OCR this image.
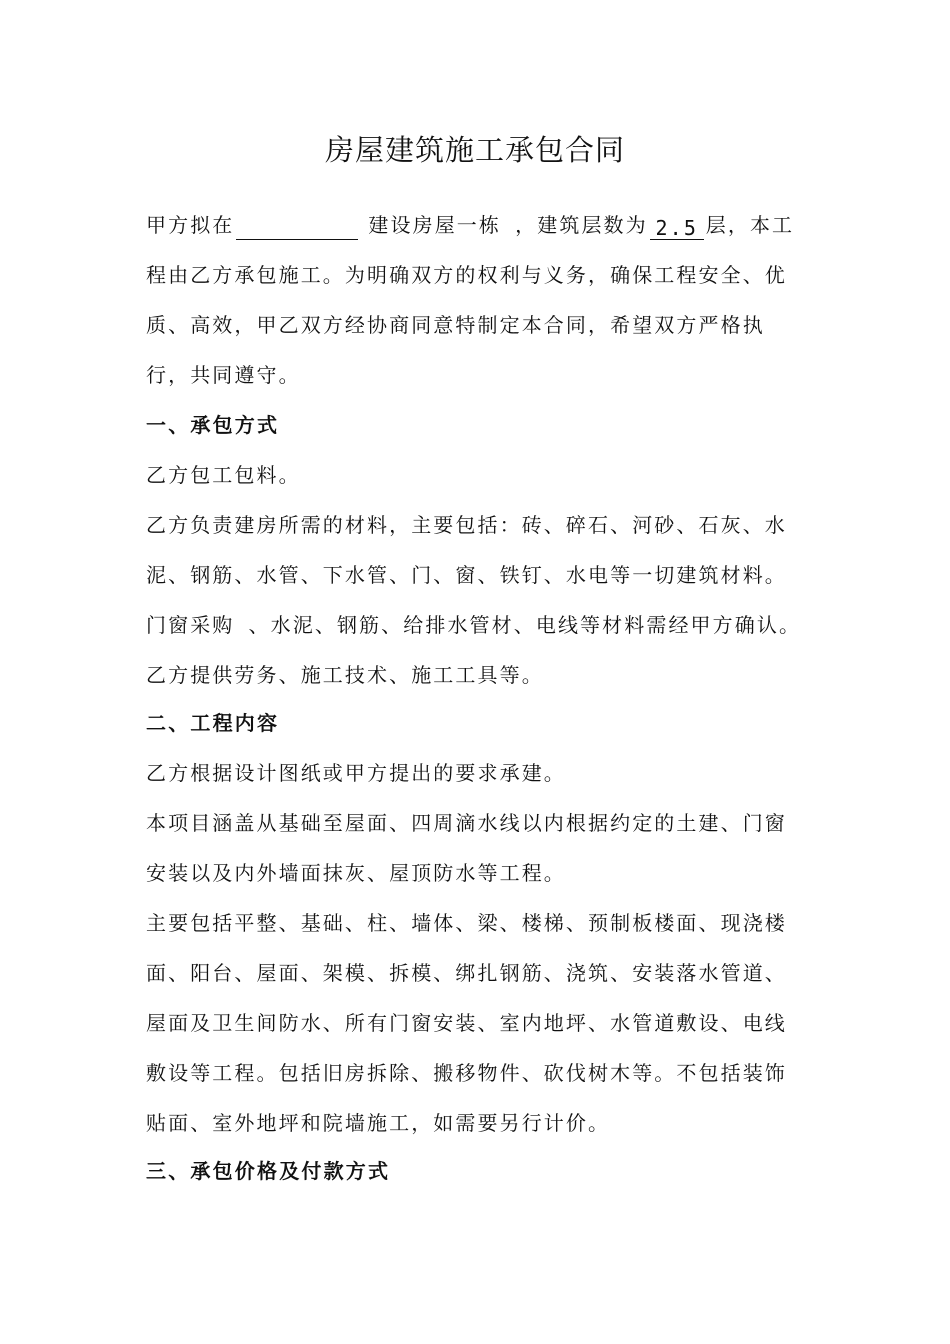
房屋建筑施工承包合同
甲方拟在	建设房屋一栋 ，建筑层数为 2.5 层，本工
程由乙方承包施工。为明确双方的权利与义务，确保工程安全、优
质、高效，甲乙双方经协商同意特制定本合同，希望双方严格执
行，共同遵守。
一、承包方式
乙方包工包料。
乙方负责建房所需的材料，主要包括：砖、碎石、河砂、石灰、水
泥、钢筋、水管、下水管、门、窗、铁钉、水电等一切建筑材料。
门窗采购 、水泥、钢筋、给排水管材、电线等材料需经甲方确认。
乙方提供劳务、施工技术、施工工具等。
二、工程内容
乙方根据设计图纸或甲方提出的要求承建。
本项目涵盖从基础至屋面、四周滴水线以内根据约定的土建、门窗
安装以及内外墙面抹灰、屋顶防水等工程。
主要包括平整、基础、柱、墙体、梁、楼梯、预制板楼面、现浇楼
面、阳台、屋面、架模、拆模、绑扎钢筋、浇筑、安装落水管道、
屋面及卫生间防水、所有门窗安装、室内地坪、水管道敷设、电线
敷设等工程。包括旧房拆除、搬移物件、砍伐树木等。不包括装饰
贴面、室外地坪和院墙施工，如需要另行计价。
三、承包价格及付款方式
